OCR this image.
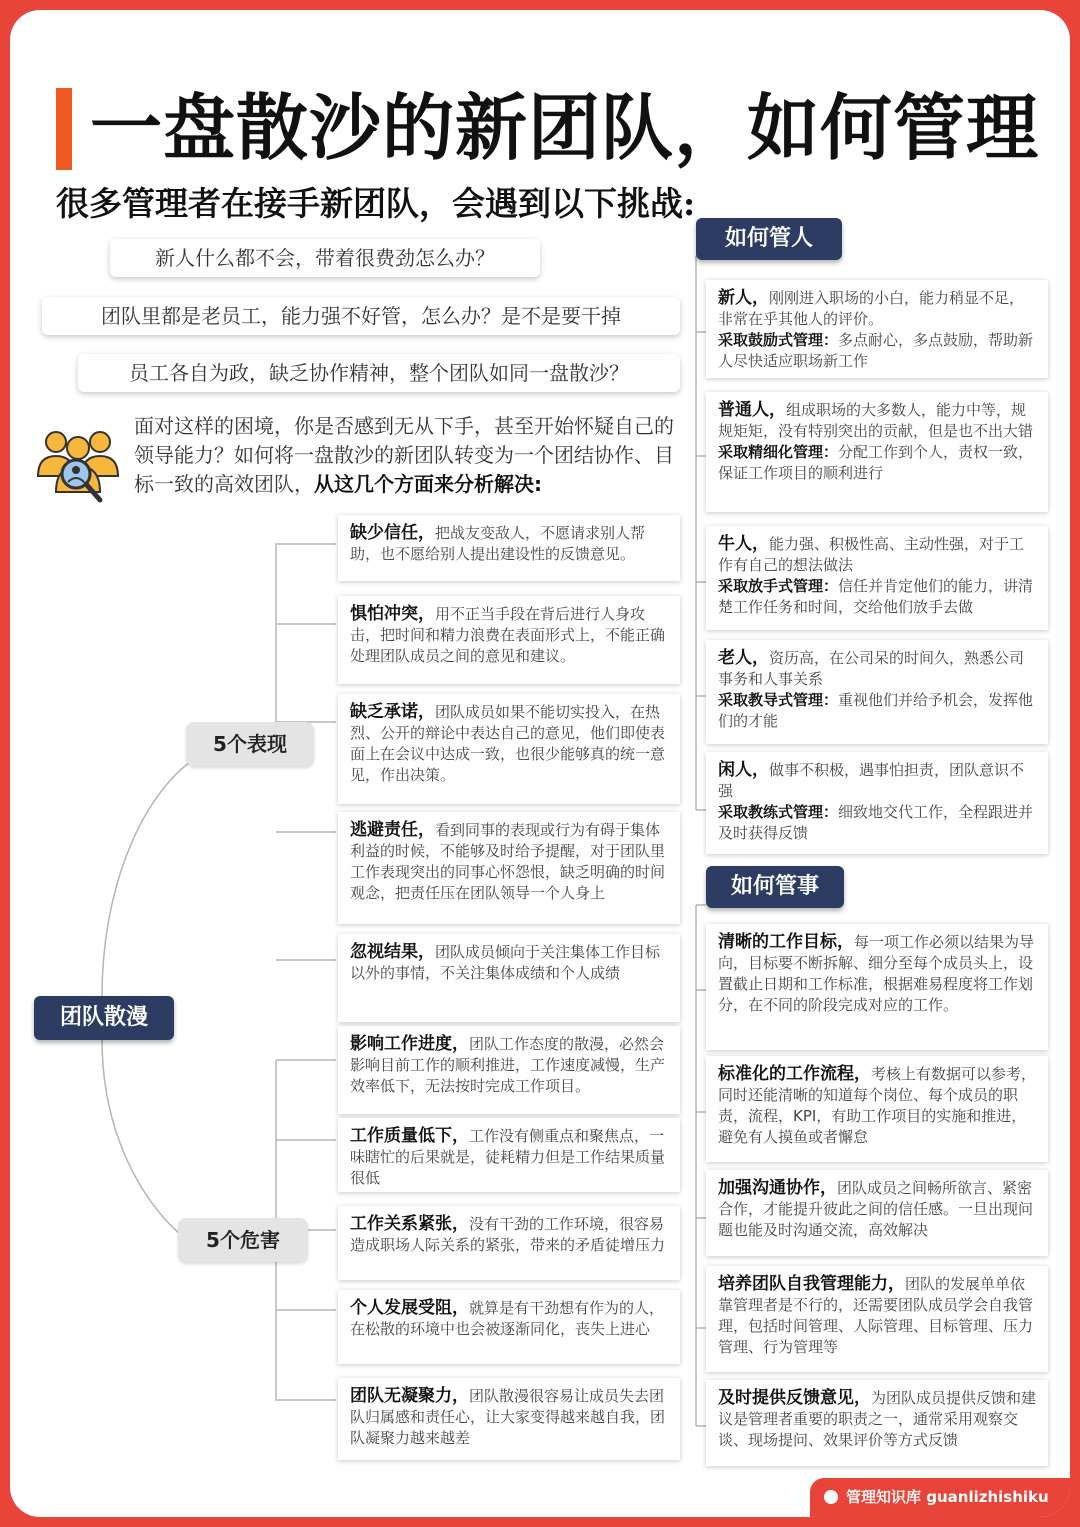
一盘散沙的新团队，如何管理
很多管理者在接手新团队，会遇到以下挑战:
新人什么都不会，带着很费劲怎么办？
团队里都是老员工，能力强不好管，怎么办？是不是要干掉
员工各自为政，缺乏协作精神，整个团队如同一盘散沙？
面对这样的困境，你是否感到无从下手，甚至开始怀疑自己的领导能力？如何将一盘散沙的新团队转变为一个团结协作、目标一致的高效团队，从这几个方面来分析解决:
团队散漫
5个表现
5个危害
缺少信任，把战友变敌人，不愿请求别人帮助，也不愿给别人提出建设性的反馈意见。
惧怕冲突，用不正当手段在背后进行人身攻击，把时间和精力浪费在表面形式上，不能正确处理团队成员之间的意见和建议。
缺乏承诺，团队成员如果不能切实投入，在热烈、公开的辩论中表达自己的意见，他们即使表面上在会议中达成一致，也很少能够真的统一意见，作出决策。
逃避责任，看到同事的表现或行为有碍于集体利益的时候，不能够及时给予提醒，对于团队里工作表现突出的同事心怀怨恨，缺乏明确的时间观念，把责任压在团队领导一个人身上
忽视结果，团队成员倾向于关注集体工作目标以外的事情，不关注集体成绩和个人成绩
影响工作进度，团队工作态度的散漫，必然会影响目前工作的顺利推进，工作速度减慢，生产效率低下，无法按时完成工作项目。
工作质量低下，工作没有侧重点和聚焦点，一味瞎忙的后果就是，徒耗精力但是工作结果质量很低
工作关系紧张，没有干劲的工作环境，很容易造成职场人际关系的紧张，带来的矛盾徒增压力
个人发展受阻，就算是有干劲想有作为的人，在松散的环境中也会被逐渐同化，丧失上进心
团队无凝聚力，团队散漫很容易让成员失去团队归属感和责任心，让大家变得越来越自我，团队凝聚力越来越差
如何管人
新人，刚刚进入职场的小白，能力稍显不足，非常在乎其他人的评价。
采取鼓励式管理：多点耐心，多点鼓励，帮助新人尽快适应职场新工作
普通人，组成职场的大多数人，能力中等，规规矩矩，没有特别突出的贡献，但是也不出大错
采取精细化管理：分配工作到个人，责权一致，保证工作项目的顺利进行
牛人，能力强、积极性高、主动性强，对于工作有自己的想法做法
采取放手式管理：信任并肯定他们的能力，讲清楚工作任务和时间，交给他们放手去做
老人，资历高，在公司呆的时间久，熟悉公司事务和人事关系
采取教导式管理：重视他们并给予机会，发挥他们的才能
闲人，做事不积极，遇事怕担责，团队意识不强
采取教练式管理：细致地交代工作，全程跟进并及时获得反馈
如何管事
清晰的工作目标，每一项工作必须以结果为导向，目标要不断拆解、细分至每个成员头上，设置截止日期和工作标准，根据难易程度将工作划分，在不同的阶段完成对应的工作。
标准化的工作流程，考核上有数据可以参考，同时还能清晰的知道每个岗位、每个成员的职责，流程，KPI，有助工作项目的实施和推进，避免有人摸鱼或者懈怠
加强沟通协作，团队成员之间畅所欲言、紧密合作，才能提升彼此之间的信任感。一旦出现问题也能及时沟通交流，高效解决
培养团队自我管理能力，团队的发展单单依靠管理者是不行的，还需要团队成员学会自我管理，包括时间管理、人际管理、目标管理、压力管理、行为管理等
及时提供反馈意见，为团队成员提供反馈和建议是管理者重要的职责之一，通常采用观察交谈、现场提问、效果评价等方式反馈
管理知识库 guanlizhishiku
